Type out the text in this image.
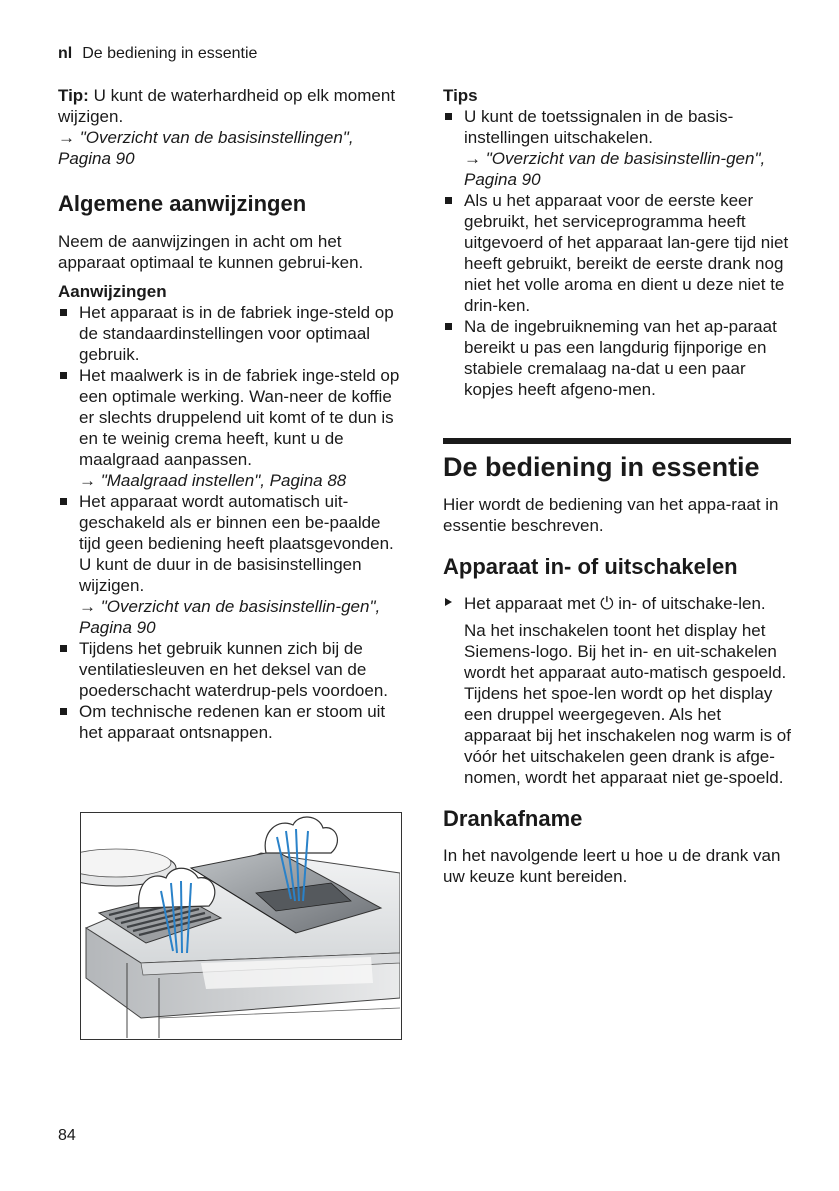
nl De bediening in essentie

Tip: U kunt de waterhardheid op elk moment wijzigen.

→ "Overzicht van de basisinstellingen", Pagina 90

Algemene aanwijzingen

Neem de aanwijzingen in acht om het apparaat optimaal te kunnen gebrui-ken.

Aanwijzingen

Het apparaat is in de fabriek inge-steld op de standaardinstellingen voor optimaal gebruik.
Het maalwerk is in de fabriek inge-steld op een optimale werking. Wan-neer de koffie er slechts druppelend uit komt of te dun is en te weinig crema heeft, kunt u de maalgraad aanpassen.
→ "Maalgraad instellen", Pagina 88
Het apparaat wordt automatisch uit-geschakeld als er binnen een be-paalde tijd geen bediening heeft plaatsgevonden. U kunt de duur in de basisinstellingen wijzigen.
→ "Overzicht van de basisinstellin-gen", Pagina 90
Tijdens het gebruik kunnen zich bij de ventilatiesleuven en het deksel van de poederschacht waterdrup-pels voordoen.
Om technische redenen kan er stoom uit het apparaat ontsnappen.

Tips

U kunt de toetssignalen in de basis-instellingen uitschakelen.
→ "Overzicht van de basisinstellin-gen", Pagina 90
Als u het apparaat voor de eerste keer gebruikt, het serviceprogramma heeft uitgevoerd of het apparaat lan-gere tijd niet heeft gebruikt, bereikt de eerste drank nog niet het volle aroma en dient u deze niet te drin-ken.
Na de ingebruikneming van het ap-paraat bereikt u pas een langdurig fijnporige en stabiele cremalaag na-dat u een paar kopjes heeft afgeno-men.
De bediening in essentie

Hier wordt de bediening van het appa-raat in essentie beschreven.

Apparaat in- of uitschakelen

Het apparaat met ⏻ in- of uitschake-len.

Na het inschakelen toont het display het Siemens-logo. Bij het in- en uit-schakelen wordt het apparaat auto-matisch gespoeld. Tijdens het spoe-len wordt op het display een druppel weergegeven. Als het apparaat bij het inschakelen nog warm is of vóór het uitschakelen geen drank is afge-nomen, wordt het apparaat niet ge-spoeld.

Drankafname

In het navolgende leert u hoe u de drank van uw keuze kunt bereiden.

84
